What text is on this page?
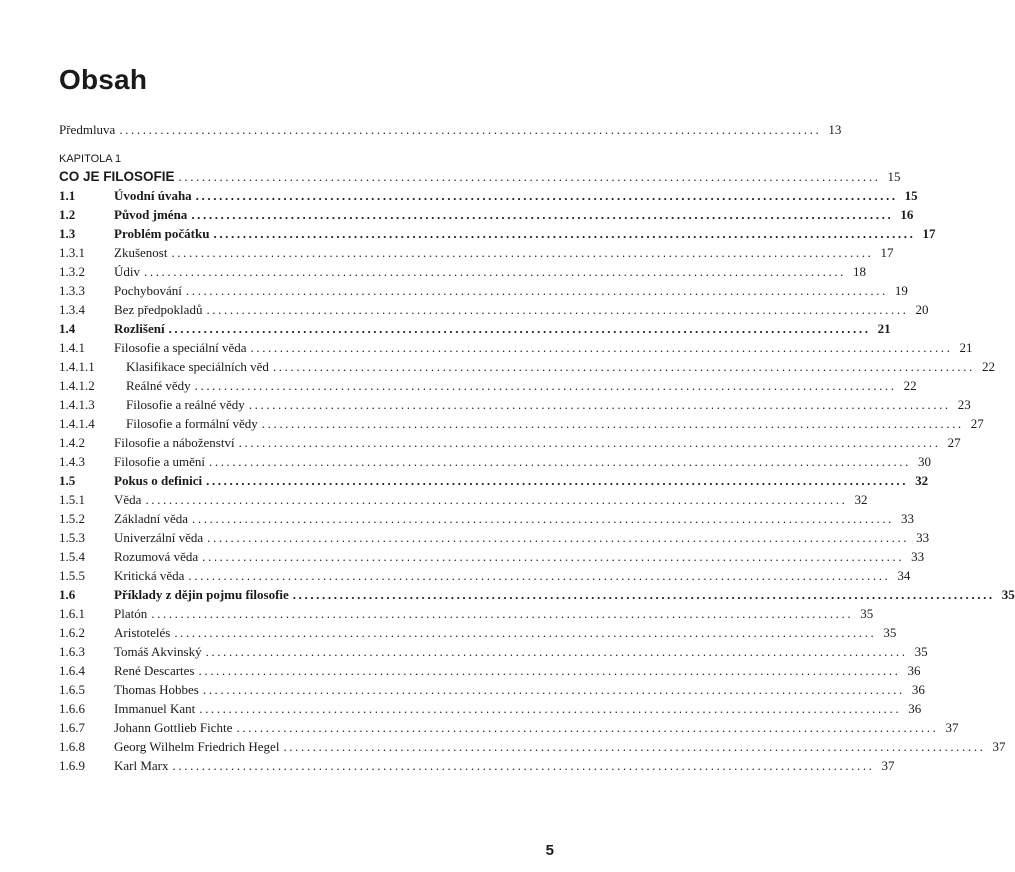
Obsah
Předmluva ........................................................................................................................ 13
KAPITOLA 1
CO JE FILOSOFIE ........................................................................................................................ 15
1.1	Úvodní úvaha ........................................................................................................................ 15
1.2	Původ jména ........................................................................................................................ 16
1.3	Problém počátku ........................................................................................................................ 17
1.3.1	Zkušenost ........................................................................................................................ 17
1.3.2	Údiv ........................................................................................................................ 18
1.3.3	Pochybování ........................................................................................................................ 19
1.3.4	Bez předpokladů ........................................................................................................................ 20
1.4	Rozlišení ........................................................................................................................ 21
1.4.1	Filosofie a speciální věda ........................................................................................................................ 21
1.4.1.1	Klasifikace speciálních věd ........................................................................................................................ 22
1.4.1.2	Reálné vědy ........................................................................................................................ 22
1.4.1.3	Filosofie a reálné vědy ........................................................................................................................ 23
1.4.1.4	Filosofie a formální vědy ........................................................................................................................ 27
1.4.2	Filosofie a náboženství ........................................................................................................................ 27
1.4.3	Filosofie a umění ........................................................................................................................ 30
1.5	Pokus o definici ........................................................................................................................ 32
1.5.1	Věda ........................................................................................................................ 32
1.5.2	Základní věda ........................................................................................................................ 33
1.5.3	Univerzální věda ........................................................................................................................ 33
1.5.4	Rozumová věda ........................................................................................................................ 33
1.5.5	Kritická věda ........................................................................................................................ 34
1.6	Příklady z dějin pojmu filosofie ........................................................................................................................ 35
1.6.1	Platón ........................................................................................................................ 35
1.6.2	Aristotelés ........................................................................................................................ 35
1.6.3	Tomáš Akvinský ........................................................................................................................ 35
1.6.4	René Descartes ........................................................................................................................ 36
1.6.5	Thomas Hobbes ........................................................................................................................ 36
1.6.6	Immanuel Kant ........................................................................................................................ 36
1.6.7	Johann Gottlieb Fichte ........................................................................................................................ 37
1.6.8	Georg Wilhelm Friedrich Hegel ........................................................................................................................ 37
1.6.9	Karl Marx ........................................................................................................................ 37
5
